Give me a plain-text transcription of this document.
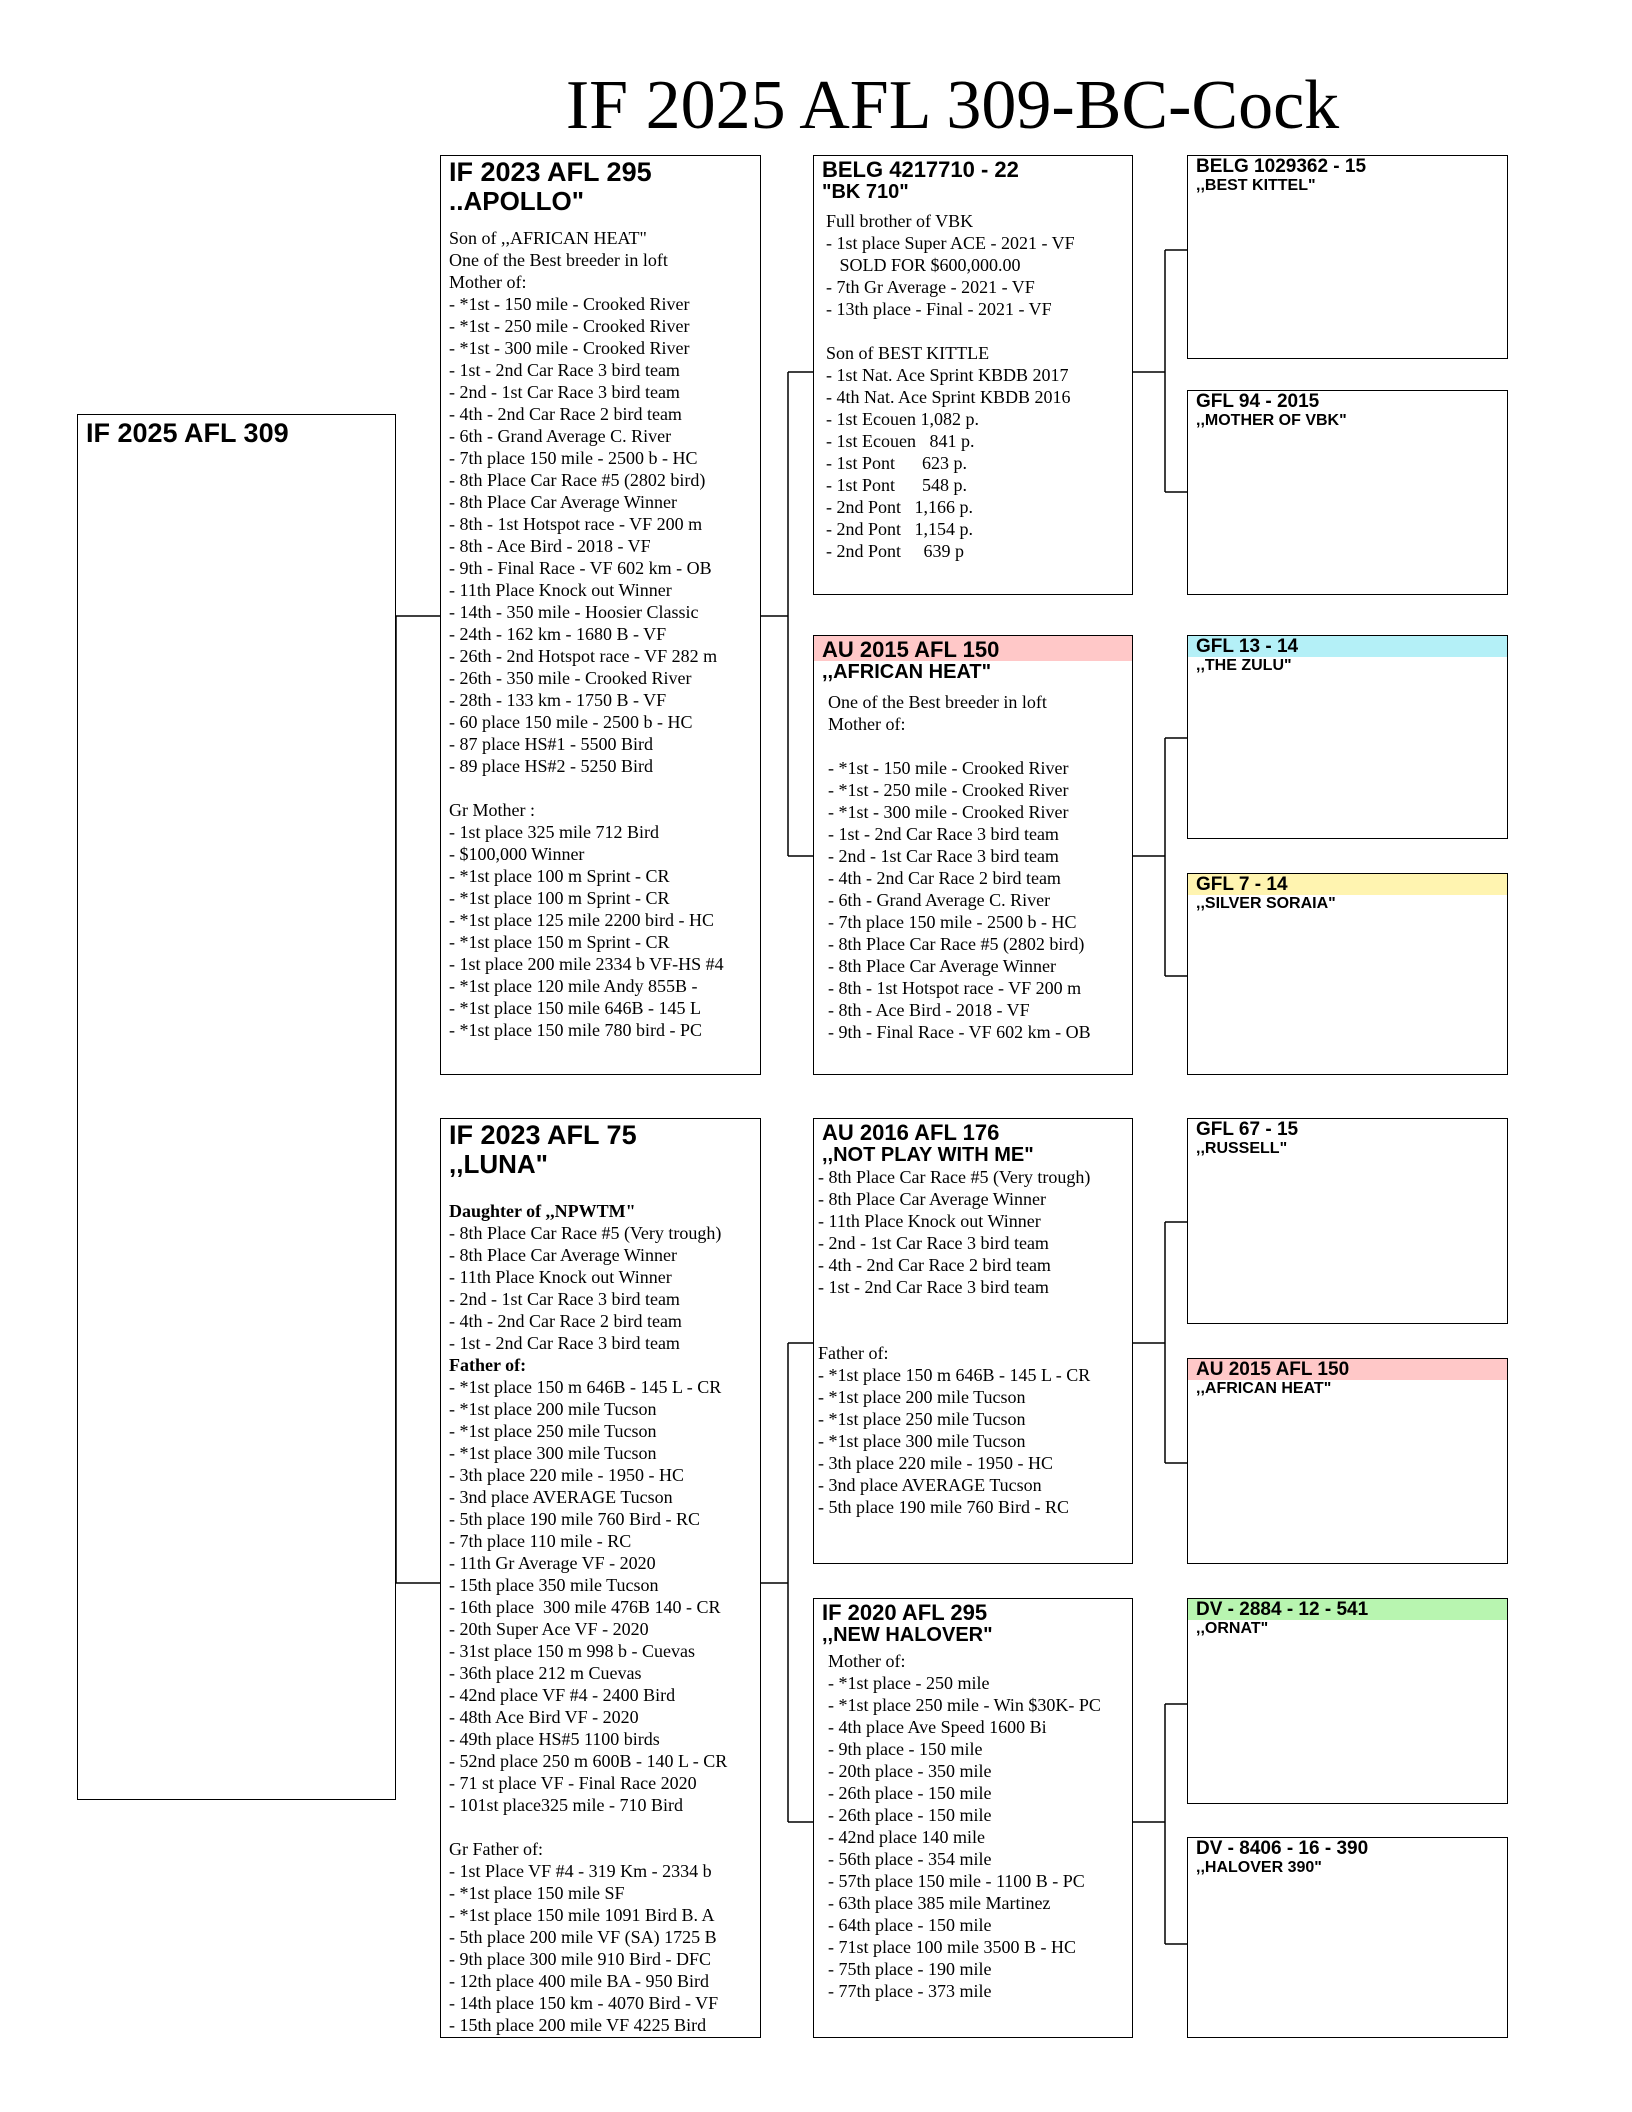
IF 2025 AFL 309-BC-Cock
IF 2025 AFL 309
IF 2023 AFL 295
..APOLLO"
Son of ,,AFRICAN HEAT"
One of the Best breeder in loft
Mother of:
- *1st - 150 mile - Crooked River
- *1st - 250 mile - Crooked River
- *1st - 300 mile - Crooked River
- 1st - 2nd Car Race 3 bird team
- 2nd - 1st Car Race 3 bird team
- 4th - 2nd Car Race 2 bird team
- 6th - Grand Average C. River
- 7th place 150 mile - 2500 b - HC
- 8th Place Car Race #5 (2802 bird)
- 8th Place Car Average Winner
- 8th - 1st Hotspot race - VF 200 m
- 8th - Ace Bird - 2018 - VF
- 9th - Final Race - VF 602 km - OB
- 11th Place Knock out Winner
- 14th - 350 mile - Hoosier Classic
- 24th - 162 km - 1680 B - VF
- 26th - 2nd Hotspot race - VF 282 m
- 26th - 350 mile - Crooked River
- 28th - 133 km - 1750 B - VF
- 60 place 150 mile - 2500 b - HC
- 87 place HS#1 - 5500 Bird
- 89 place HS#2 - 5250 Bird
Gr Mother :
- 1st place 325 mile 712 Bird
- $100,000 Winner
- *1st place 100 m Sprint - CR
- *1st place 100 m Sprint - CR
- *1st place 125 mile 2200 bird - HC
- *1st place 150 m Sprint - CR
- 1st place 200 mile 2334 b VF-HS #4
- *1st place 120 mile Andy 855B -
- *1st place 150 mile 646B - 145 L
- *1st place 150 mile 780 bird - PC
IF 2023 AFL 75
,,LUNA"
Daughter of ,,NPWTM"
- 8th Place Car Race #5 (Very trough)
- 8th Place Car Average Winner
- 11th Place Knock out Winner
- 2nd - 1st Car Race 3 bird team
- 4th - 2nd Car Race 2 bird team
- 1st - 2nd Car Race 3 bird team
Father of:
- *1st place 150 m 646B - 145 L - CR
- *1st place 200 mile Tucson
- *1st place 250 mile Tucson
- *1st place 300 mile Tucson
- 3th place 220 mile - 1950 - HC
- 3nd place AVERAGE Tucson
- 5th place 190 mile 760 Bird - RC
- 7th place 110 mile - RC
- 11th Gr Average VF - 2020
- 15th place 350 mile Tucson
- 16th place  300 mile 476B 140 - CR
- 20th Super Ace VF - 2020
- 31st place 150 m 998 b - Cuevas
- 36th place 212 m Cuevas
- 42nd place VF #4 - 2400 Bird
- 48th Ace Bird VF - 2020
- 49th place HS#5 1100 birds
- 52nd place 250 m 600B - 140 L - CR
- 71 st place VF - Final Race 2020
- 101st place325 mile - 710 Bird
Gr Father of:
- 1st Place VF #4 - 319 Km - 2334 b
- *1st place 150 mile SF
- *1st place 150 mile 1091 Bird B. A
- 5th place 200 mile VF (SA) 1725 B
- 9th place 300 mile 910 Bird - DFC
- 12th place 400 mile BA - 950 Bird
- 14th place 150 km - 4070 Bird - VF
- 15th place 200 mile VF 4225 Bird
BELG 4217710 - 22
"BK 710"
Full brother of VBK
- 1st place Super ACE - 2021 - VF
SOLD FOR $600,000.00
- 7th Gr Average - 2021 - VF
- 13th place - Final - 2021 - VF
Son of BEST KITTLE
- 1st Nat. Ace Sprint KBDB 2017
- 4th Nat. Ace Sprint KBDB 2016
- 1st Ecouen 1,082 p.
- 1st Ecouen   841 p.
- 1st Pont      623 p.
- 1st Pont      548 p.
- 2nd Pont   1,166 p.
- 2nd Pont   1,154 p.
- 2nd Pont     639 p
AU 2015 AFL 150
,,AFRICAN HEAT"
One of the Best breeder in loft
Mother of:
- *1st - 150 mile - Crooked River
- *1st - 250 mile - Crooked River
- *1st - 300 mile - Crooked River
- 1st - 2nd Car Race 3 bird team
- 2nd - 1st Car Race 3 bird team
- 4th - 2nd Car Race 2 bird team
- 6th - Grand Average C. River
- 7th place 150 mile - 2500 b - HC
- 8th Place Car Race #5 (2802 bird)
- 8th Place Car Average Winner
- 8th - 1st Hotspot race - VF 200 m
- 8th - Ace Bird - 2018 - VF
- 9th - Final Race - VF 602 km - OB
AU 2016 AFL 176
,,NOT PLAY WITH ME"
- 8th Place Car Race #5 (Very trough)
- 8th Place Car Average Winner
- 11th Place Knock out Winner
- 2nd - 1st Car Race 3 bird team
- 4th - 2nd Car Race 2 bird team
- 1st - 2nd Car Race 3 bird team
Father of:
- *1st place 150 m 646B - 145 L - CR
- *1st place 200 mile Tucson
- *1st place 250 mile Tucson
- *1st place 300 mile Tucson
- 3th place 220 mile - 1950 - HC
- 3nd place AVERAGE Tucson
- 5th place 190 mile 760 Bird - RC
IF 2020 AFL 295
,,NEW HALOVER"
Mother of:
- *1st place - 250 mile
- *1st place 250 mile - Win $30K- PC
- 4th place Ave Speed 1600 Bi
- 9th place - 150 mile
- 20th place - 350 mile
- 26th place - 150 mile
- 26th place - 150 mile
- 42nd place 140 mile
- 56th place - 354 mile
- 57th place 150 mile - 1100 B - PC
- 63th place 385 mile Martinez
- 64th place - 150 mile
- 71st place 100 mile 3500 B - HC
- 75th place - 190 mile
- 77th place - 373 mile
BELG 1029362 - 15
,,BEST KITTEL"
GFL 94 - 2015
,,MOTHER OF VBK"
GFL 13 - 14
,,THE ZULU"
GFL 7 - 14
,,SILVER SORAIA"
GFL 67 - 15
,,RUSSELL"
AU 2015 AFL 150
,,AFRICAN HEAT"
DV - 2884 - 12 - 541
,,ORNAT"
DV - 8406 - 16 - 390
,,HALOVER 390"
